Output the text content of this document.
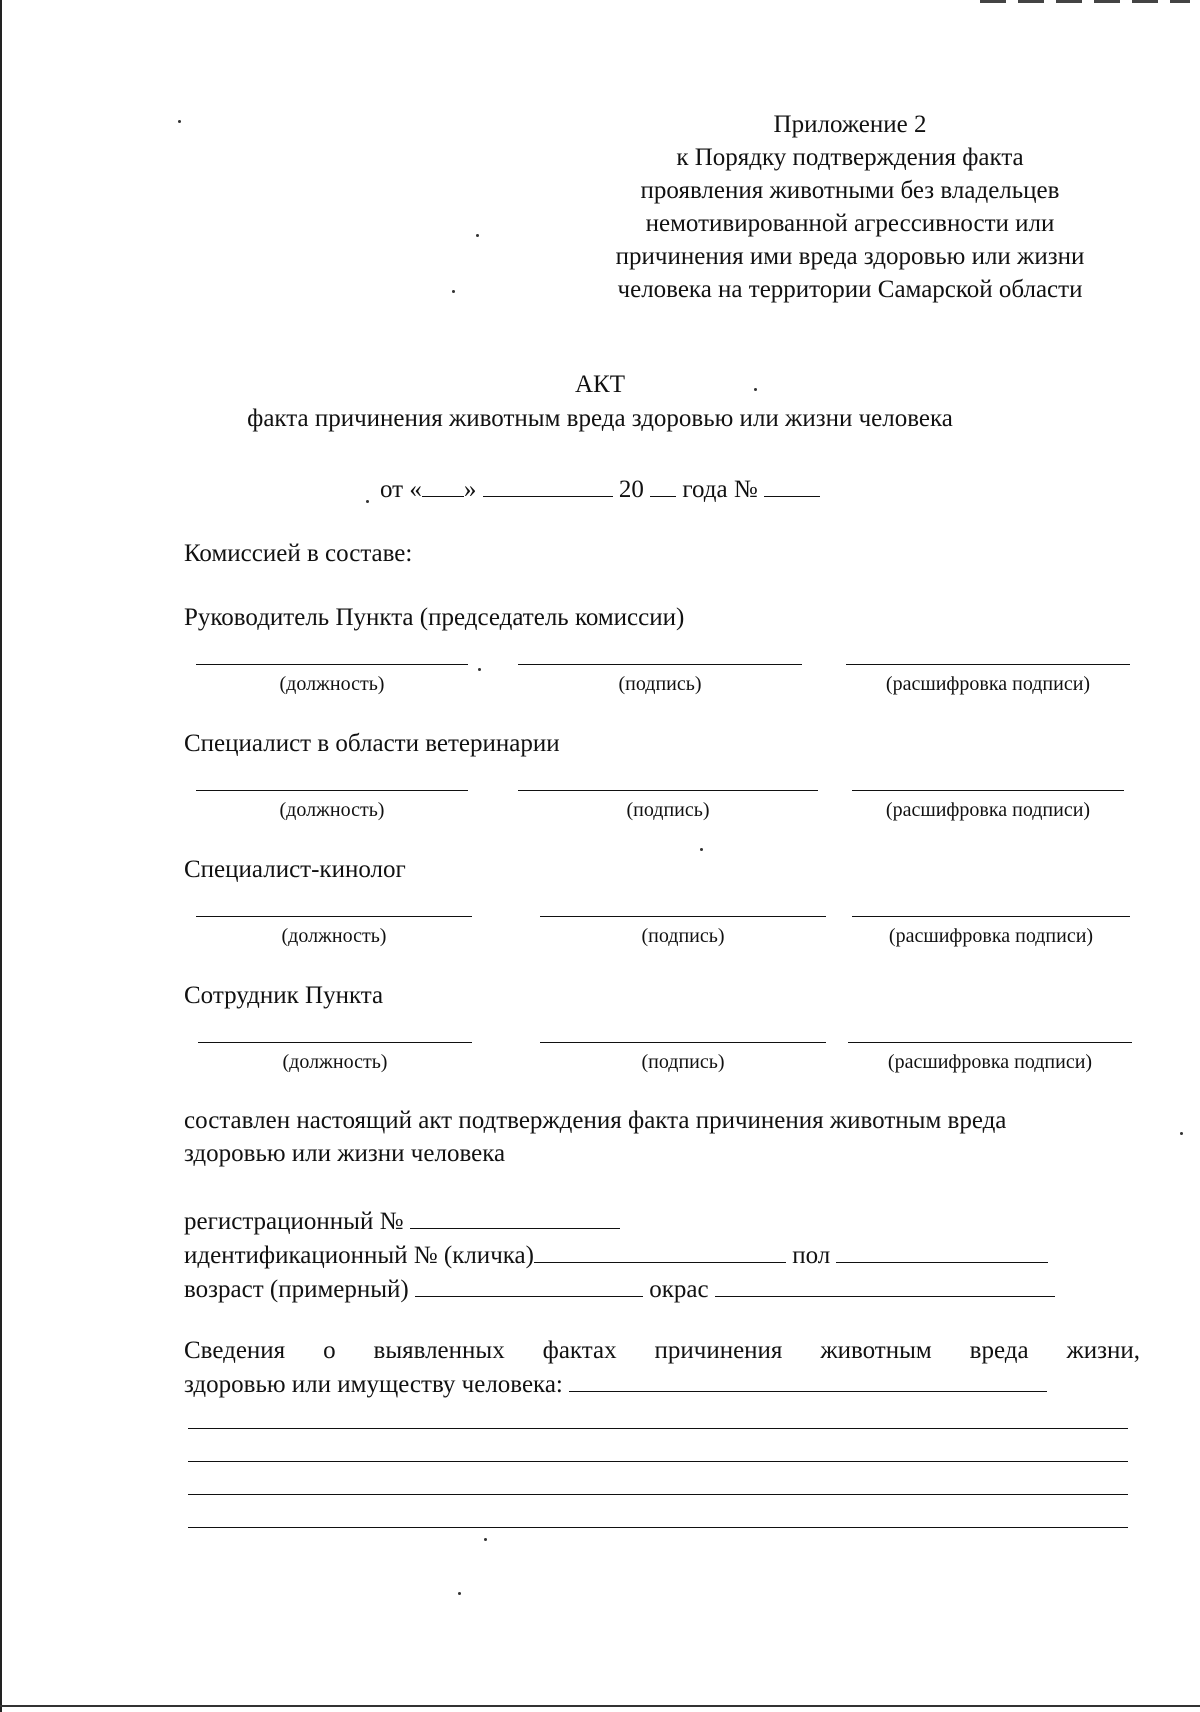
Приложение 2
к Порядку подтверждения факта
проявления животными без владельцев
немотивированной агрессивности или
причинения ими вреда здоровью или жизни
человека на территории Самарской области
АКТ
факта причинения животным вреда здоровью или жизни человека
от « »	20 года №
Комиссией в составе:
Руководитель Пункта (председатель комиссии)
(должность)	(подпись)	(расшифровка подписи)
Специалист в области ветеринарии
(должность)	(подпись)	(расшифровка подписи)
Специалист-кинолог
(должность)	(подпись)	(расшифровка подписи)
Сотрудник Пункта
(должность)	(подпись)	(расшифровка подписи)
составлен настоящий акт подтверждения факта причинения животным вреда
здоровью или жизни человека
регистрационный №
идентификационный № (кличка)	пол
возраст (примерный)	окрас
Сведения о выявленных фактах причинения животным вреда жизни,
здоровью или имуществу человека:
